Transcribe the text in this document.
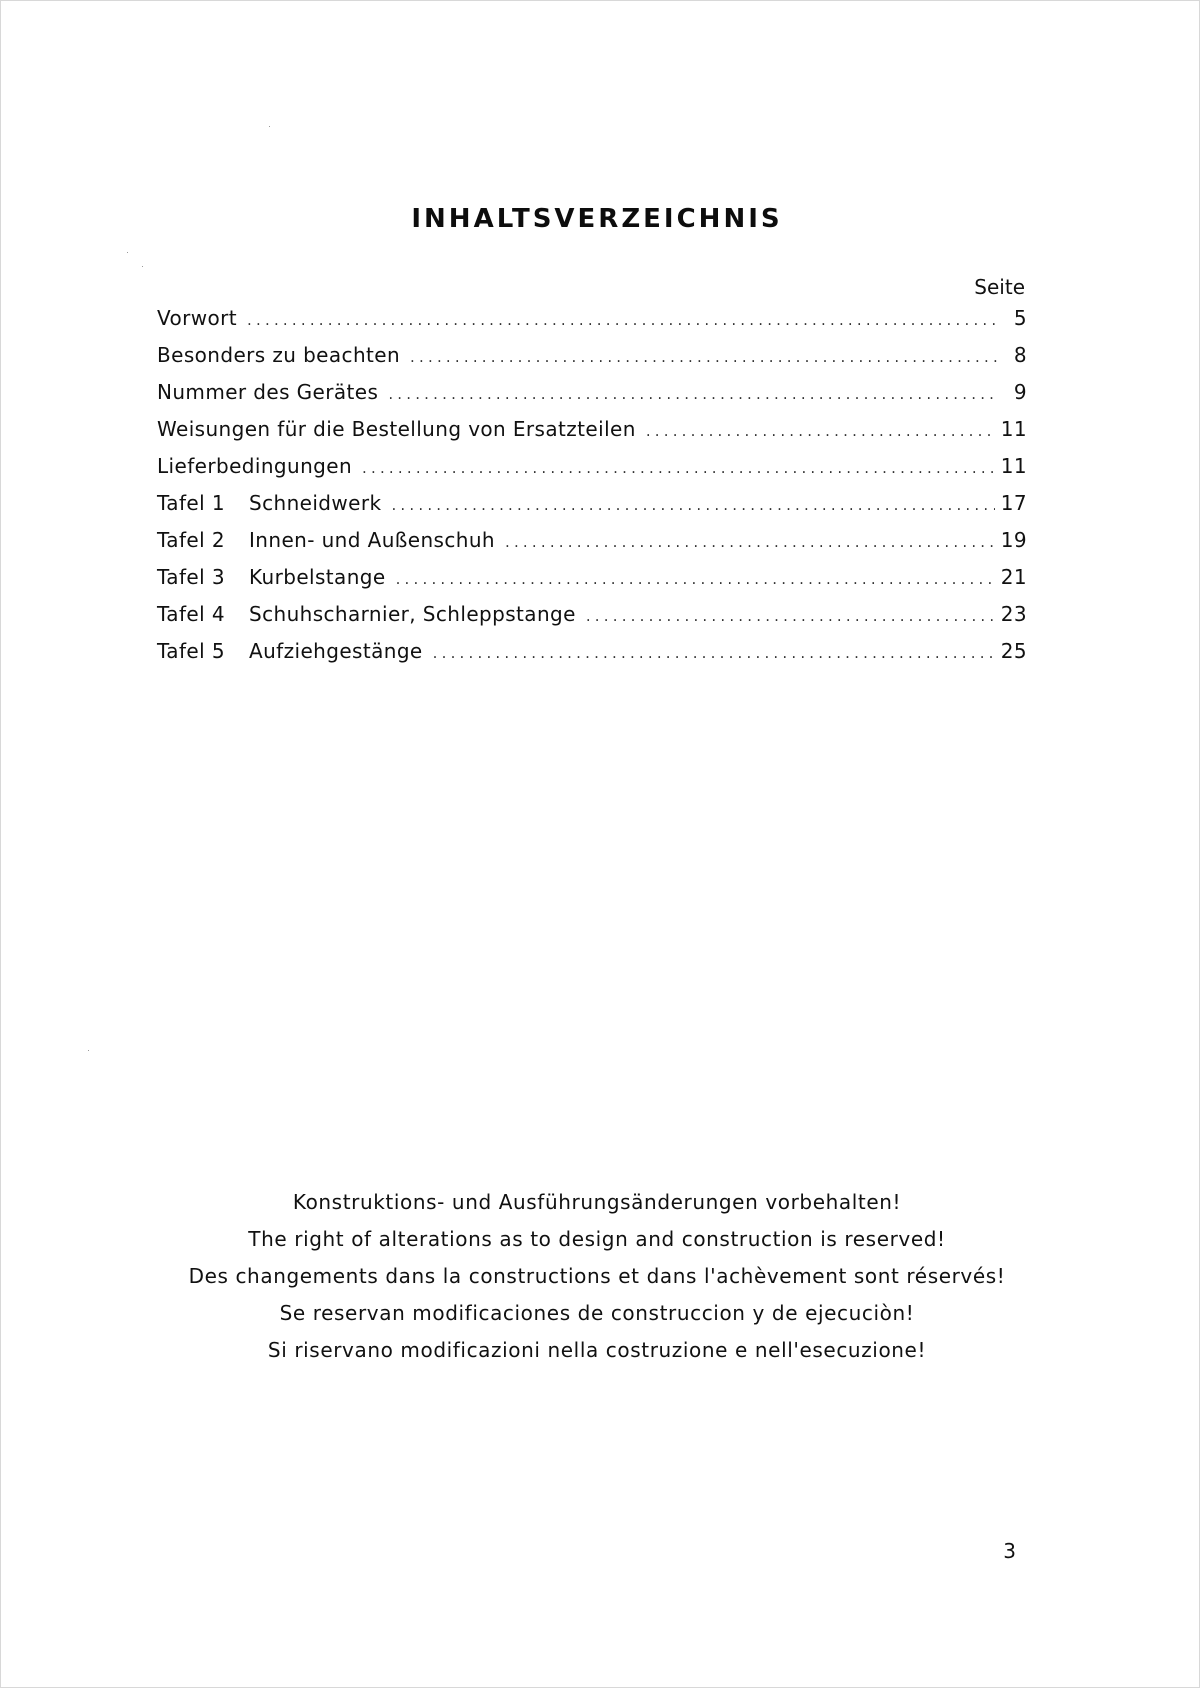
INHALTSVERZEICHNIS
Seite
Vorwort .....	5
Besonders zu beachten .....	8
Nummer des Gerätes .....	9
Weisungen für die Bestellung von Ersatzteilen .....	11
Lieferbedingungen .....	11
Tafel 1	Schneidwerk .....	17
Tafel 2	Innen- und Außenschuh .....	19
Tafel 3	Kurbelstange .....	21
Tafel 4	Schuhscharnier, Schleppstange .....	23
Tafel 5	Aufziehgestänge .....	25
Konstruktions- und Ausführungsänderungen vorbehalten!
The right of alterations as to design and construction is reserved!
Des changements dans la constructions et dans l'achèvement sont réservés!
Se reservan modificaciones de construccion y de ejecuciòn!
Si riservano modificazioni nella costruzione e nell'esecuzione!
3
